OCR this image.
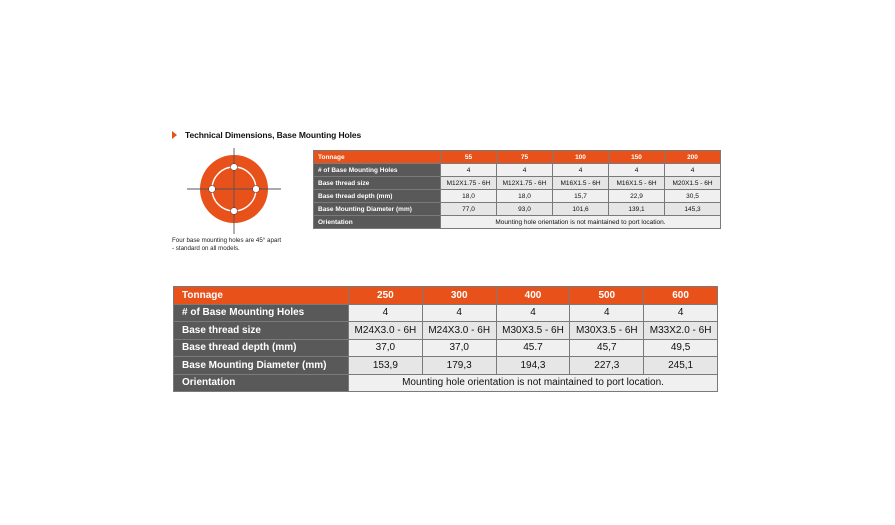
Technical Dimensions, Base Mounting Holes
Four base mounting holes are 45° apart - standard on all models.
Tonnage	55	75	100	150	200
# of Base Mounting Holes	4	4	4	4	4
Base thread size	M12X1.75 - 6H	M12X1.75 - 6H	M16X1.5 - 6H	M16X1.5 - 6H	M20X1.5 - 6H
Base thread depth (mm)	18,0	18,0	15,7	22,9	30,5
Base Mounting Diameter (mm)	77,0	93,0	101,6	139,1	145,3
Orientation	Mounting hole orientation is not maintained to port location.				
Tonnage	250	300	400	500	600
# of Base Mounting Holes	4	4	4	4	4
Base thread size	M24X3.0 - 6H	M24X3.0 - 6H	M30X3.5 - 6H	M30X3.5 - 6H	M33X2.0 - 6H
Base thread depth (mm)	37,0	37,0	45.7	45,7	49,5
Base Mounting Diameter (mm)	153,9	179,3	194,3	227,3	245,1
Orientation	Mounting hole orientation is not maintained to port location.				
